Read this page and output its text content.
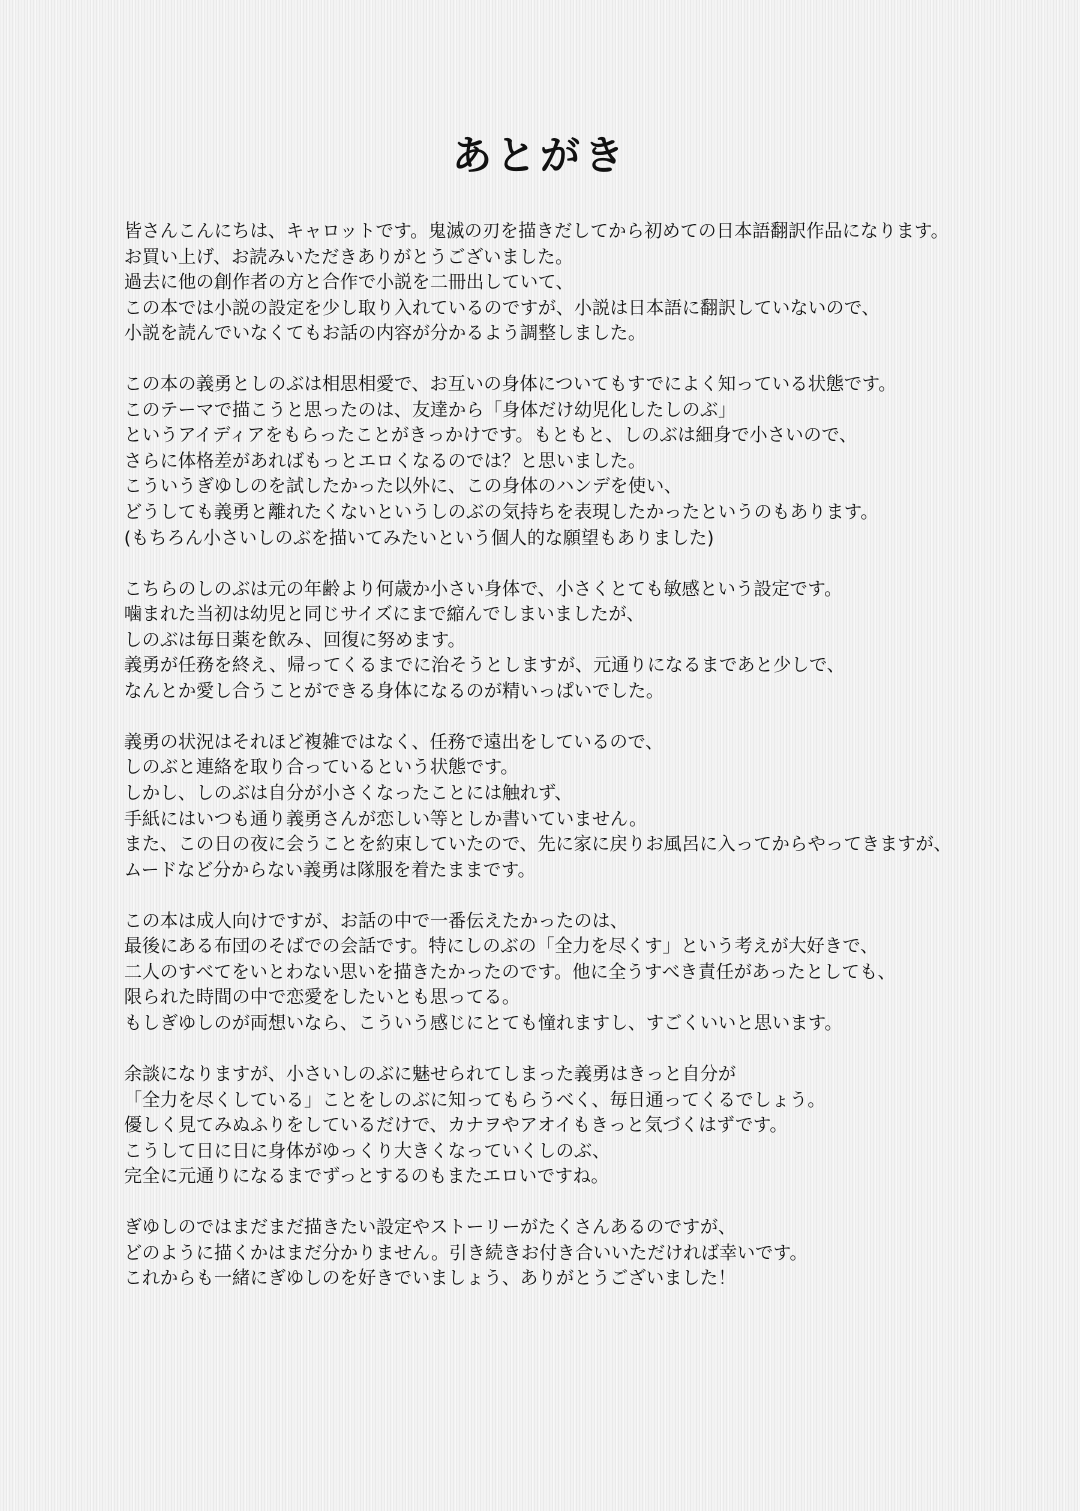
あとがき
皆さんこんにちは、キャロットです。鬼滅の刃を描きだしてから初めての日本語翻訳作品になります。
お買い上げ、お読みいただきありがとうございました。
過去に他の創作者の方と合作で小説を二冊出していて、
この本では小説の設定を少し取り入れているのですが、小説は日本語に翻訳していないので、
小説を読んでいなくてもお話の内容が分かるよう調整しました。
この本の義勇としのぶは相思相愛で、お互いの身体についてもすでによく知っている状態です。
このテーマで描こうと思ったのは、友達から「身体だけ幼児化したしのぶ」
というアイディアをもらったことがきっかけです。もともと、しのぶは細身で小さいので、
さらに体格差があればもっとエロくなるのでは？と思いました。
こういうぎゆしのを試したかった以外に、この身体のハンデを使い、
どうしても義勇と離れたくないというしのぶの気持ちを表現したかったというのもあります。
(もちろん小さいしのぶを描いてみたいという個人的な願望もありました)
こちらのしのぶは元の年齢より何歳か小さい身体で、小さくとても敏感という設定です。
噛まれた当初は幼児と同じサイズにまで縮んでしまいましたが、
しのぶは毎日薬を飲み、回復に努めます。
義勇が任務を終え、帰ってくるまでに治そうとしますが、元通りになるまであと少しで、
なんとか愛し合うことができる身体になるのが精いっぱいでした。
義勇の状況はそれほど複雑ではなく、任務で遠出をしているので、
しのぶと連絡を取り合っているという状態です。
しかし、しのぶは自分が小さくなったことには触れず、
手紙にはいつも通り義勇さんが恋しい等としか書いていません。
また、この日の夜に会うことを約束していたので、先に家に戻りお風呂に入ってからやってきますが、
ムードなど分からない義勇は隊服を着たままです。
この本は成人向けですが、お話の中で一番伝えたかったのは、
最後にある布団のそばでの会話です。特にしのぶの「全力を尽くす」という考えが大好きで、
二人のすべてをいとわない思いを描きたかったのです。他に全うすべき責任があったとしても、
限られた時間の中で恋愛をしたいとも思ってる。
もしぎゆしのが両想いなら、こういう感じにとても憧れますし、すごくいいと思います。
余談になりますが、小さいしのぶに魅せられてしまった義勇はきっと自分が
「全力を尽くしている」ことをしのぶに知ってもらうべく、毎日通ってくるでしょう。
優しく見てみぬふりをしているだけで、カナヲやアオイもきっと気づくはずです。
こうして日に日に身体がゆっくり大きくなっていくしのぶ、
完全に元通りになるまでずっとするのもまたエロいですね。
ぎゆしのではまだまだ描きたい設定やストーリーがたくさんあるのですが、
どのように描くかはまだ分かりません。引き続きお付き合いいただければ幸いです。
これからも一緒にぎゆしのを好きでいましょう、ありがとうございました！
